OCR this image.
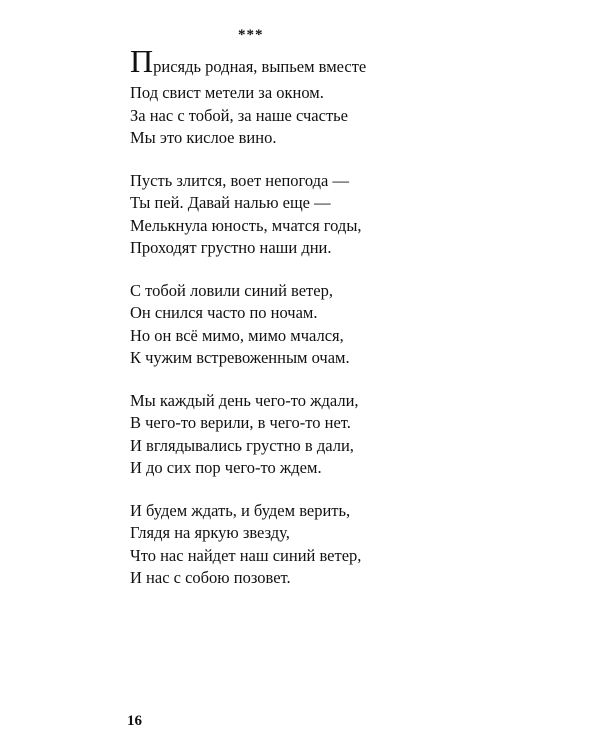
***

Присядь родная, выпьем вместе

Под свист метели за окном.

За нас с тобой, за наше счастье

Мы это кислое вино.

Пусть злится, воет непогода —

Ты пей. Давай налью еще —

Мелькнула юность, мчатся годы,

Проходят грустно наши дни.

С тобой ловили синий ветер,

Он снился часто по ночам.

Но он всё мимо, мимо мчался,

К чужим встревоженным очам.

Мы каждый день чего-то ждали,

В чего-то верили, в чего-то нет.

И вглядывались грустно в дали,

И до сих пор чего-то ждем.

И будем ждать, и будем верить,

Глядя на яркую звезду,

Что нас найдет наш синий ветер,

И нас с собою позовет.

16
